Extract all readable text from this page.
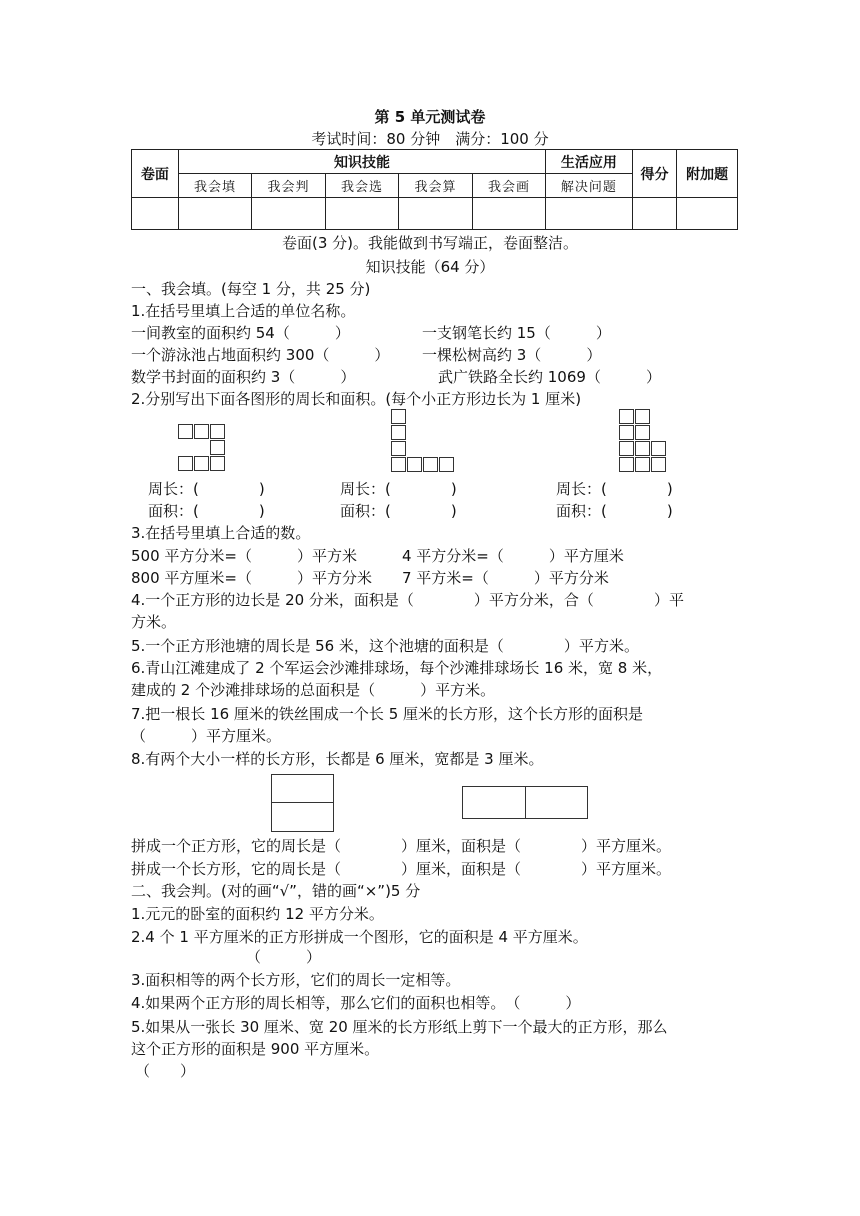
第 5 单元测试卷
考试时间：80 分钟　满分：100 分
卷面	知识技能					生活应用	得分	附加题
	我会填	我会判	我会选	我会算	我会画	解决问题		

卷面(3 分)。我能做到书写端正，卷面整洁。
知识技能（64 分）
一、我会填。(每空 1 分，共 25 分)
1.在括号里填上合适的单位名称。
一间教室的面积约 54（　　　）	一支钢笔长约 15（　　　）
一个游泳池占地面积约 300（　　　） 一棵松树高约 3（　　　）
数学书封面的面积约 3（　　　）	武广铁路全长约 1069（　　　）
2.分别写出下面各图形的周长和面积。(每个小正方形边长为 1 厘米)
周长：(　　　　)	周长：(　　　　)	周长：(　　　　)
面积：(　　　　)	面积：(　　　　)	面积：(　　　　)
3.在括号里填上合适的数。
500 平方分米=（　　　）平方米	4 平方分米=（　　　）平方厘米
800 平方厘米=（　　　）平方分米 7 平方米=（　　　）平方分米
4.一个正方形的边长是 20 分米，面积是（　　　　）平方分米，合（　　　　）平
方米。
5.一个正方形池塘的周长是 56 米，这个池塘的面积是（　　　　）平方米。
6.青山江滩建成了 2 个军运会沙滩排球场，每个沙滩排球场长 16 米，宽 8 米，
建成的 2 个沙滩排球场的总面积是（　　　）平方米。
7.把一根长 16 厘米的铁丝围成一个长 5 厘米的长方形，这个长方形的面积是
（　　　）平方厘米。
8.有两个大小一样的长方形，长都是 6 厘米，宽都是 3 厘米。
拼成一个正方形，它的周长是（　　　　）厘米，面积是（　　　　）平方厘米。
拼成一个长方形，它的周长是（　　　　）厘米，面积是（　　　　）平方厘米。
二、我会判。(对的画“√”，错的画“×”)5 分
1.元元的卧室的面积约 12 平方分米。
2.4 个 1 平方厘米的正方形拼成一个图形，它的面积是 4 平方厘米。
（　　　）
3.面积相等的两个长方形，它们的周长一定相等。
4.如果两个正方形的周长相等，那么它们的面积也相等。　（　　　）
5.如果从一张长 30 厘米、宽 20 厘米的长方形纸上剪下一个最大的正方形，那么
这个正方形的面积是 900 平方厘米。
（　　）
